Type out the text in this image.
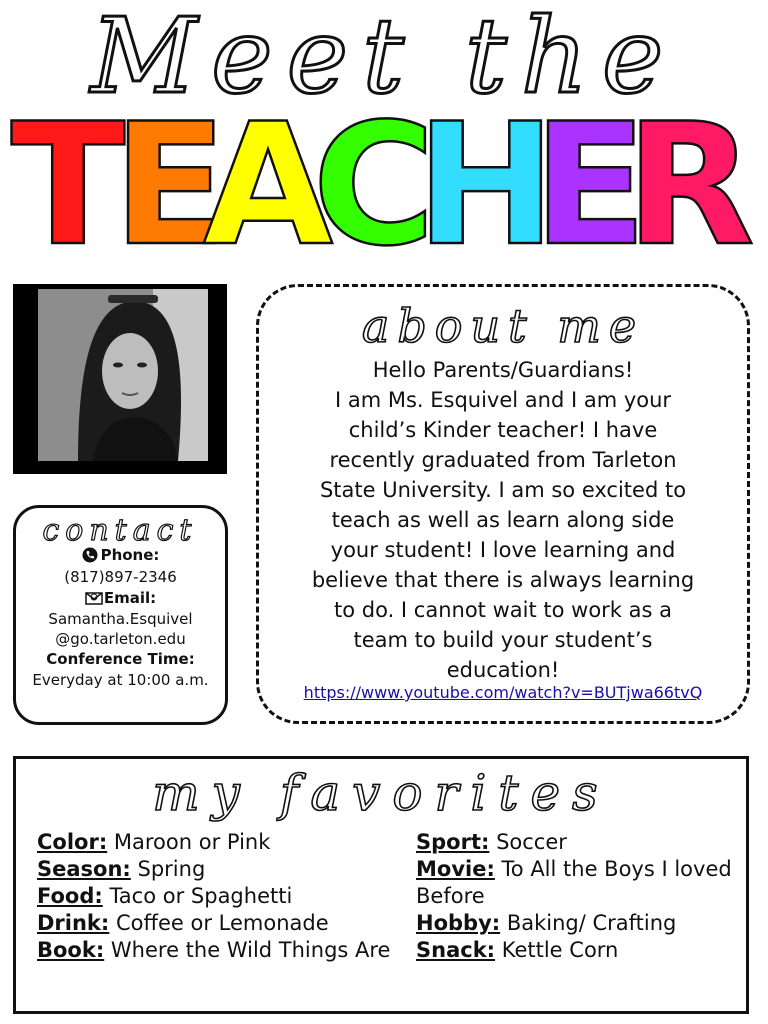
Meet the
T
E
A
C
H
E
R
about me

Hello Parents/Guardians!

I am Ms. Esquivel and I am your

child’s Kinder teacher! I have

recently graduated from Tarleton

State University. I am so excited to

teach as well as learn along side

your student! I love learning and

believe that there is always learning

to do. I cannot wait to work as a

team to build your student’s

education!

https://www.youtube.com/watch?v=BUTjwa66tvQ
contact
Phone:
(817)897-2346
Email:
Samantha.Esquivel
@go.tarleton.edu
Conference Time:
Everyday at 10:00 a.m.
my favorites
Color: Maroon or Pink
Season: Spring
Food: Taco or Spaghetti
Drink: Coffee or Lemonade
Book: Where the Wild Things Are
Sport: Soccer
Movie: To All the Boys I loved Before
Hobby: Baking/ Crafting
Snack: Kettle Corn
